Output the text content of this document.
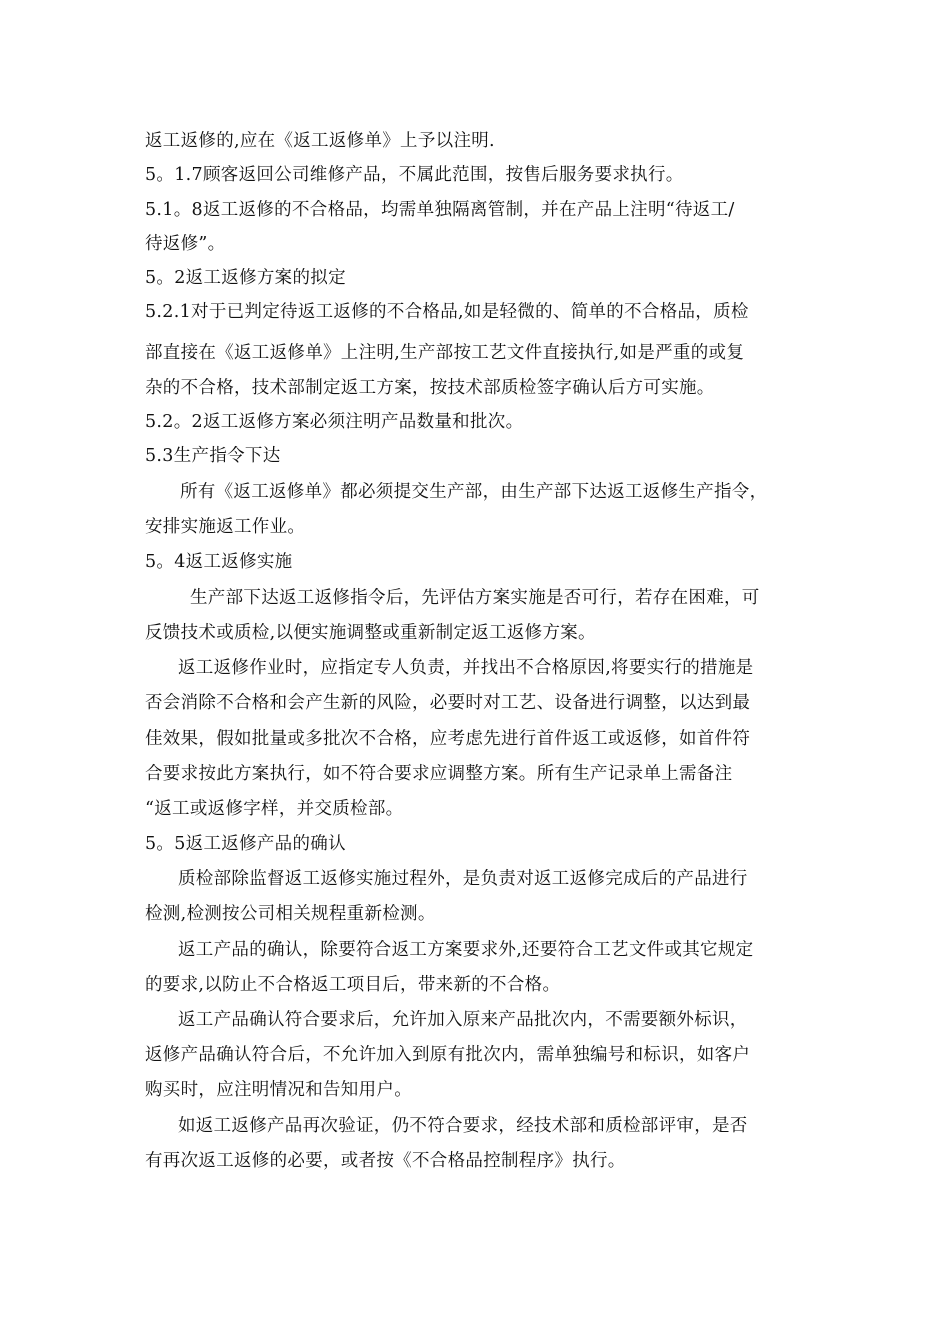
返工返修的,应在《返工返修单》上予以注明.
5。1.7顾客返回公司维修产品，不属此范围，按售后服务要求执行。
5.1。8返工返修的不合格品，均需单独隔离管制，并在产品上注明“待返工/
待返修”。
5。2返工返修方案的拟定
5.2.1对于已判定待返工返修的不合格品,如是轻微的、简单的不合格品，质检
部直接在《返工返修单》上注明,生产部按工艺文件直接执行,如是严重的或复
杂的不合格，技术部制定返工方案，按技术部质检签字确认后方可实施。
5.2。2返工返修方案必须注明产品数量和批次。
5.3生产指令下达
所有《返工返修单》都必须提交生产部，由生产部下达返工返修生产指令，
安排实施返工作业。
5。4返工返修实施
生产部下达返工返修指令后，先评估方案实施是否可行，若存在困难，可
反馈技术或质检,以便实施调整或重新制定返工返修方案。
返工返修作业时，应指定专人负责，并找出不合格原因,将要实行的措施是
否会消除不合格和会产生新的风险，必要时对工艺、设备进行调整，以达到最
佳效果，假如批量或多批次不合格，应考虑先进行首件返工或返修，如首件符
合要求按此方案执行，如不符合要求应调整方案。所有生产记录单上需备注
“返工或返修字样，并交质检部。
5。5返工返修产品的确认
质检部除监督返工返修实施过程外，是负责对返工返修完成后的产品进行
检测,检测按公司相关规程重新检测。
返工产品的确认，除要符合返工方案要求外,还要符合工艺文件或其它规定
的要求,以防止不合格返工项目后，带来新的不合格。
返工产品确认符合要求后，允许加入原来产品批次内，不需要额外标识，
返修产品确认符合后，不允许加入到原有批次内，需单独编号和标识，如客户
购买时，应注明情况和告知用户。
如返工返修产品再次验证，仍不符合要求，经技术部和质检部评审，是否
有再次返工返修的必要，或者按《不合格品控制程序》执行。
